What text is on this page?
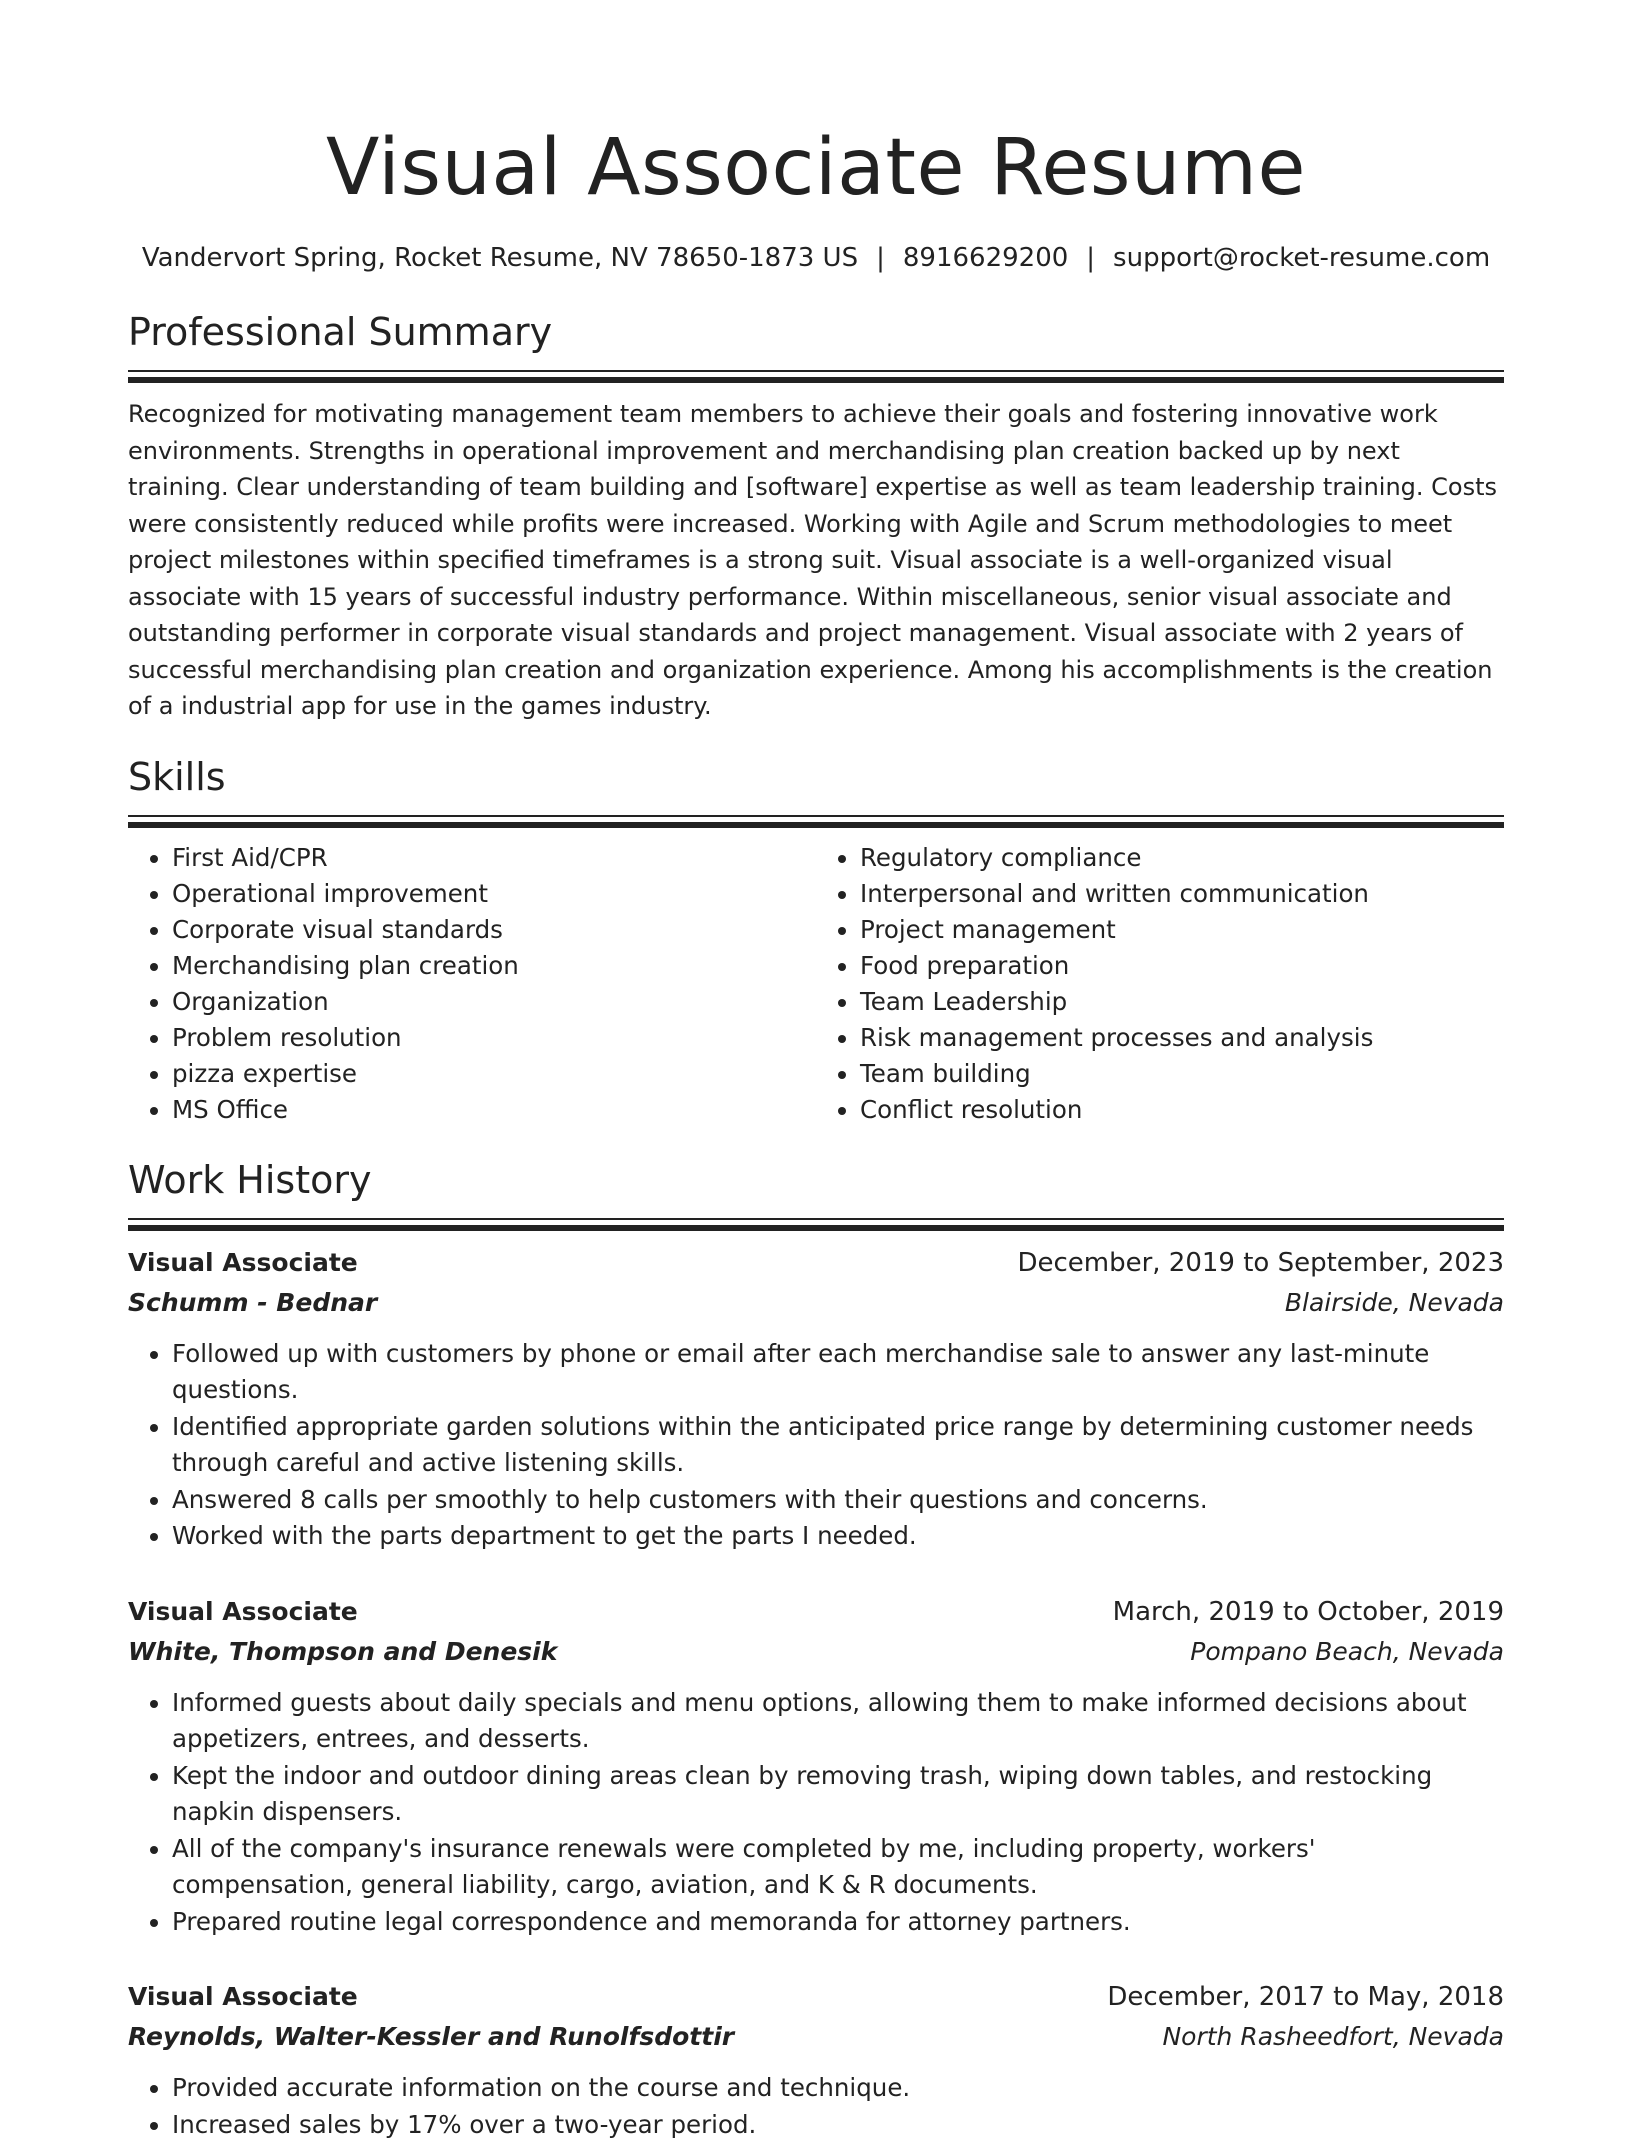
Visual Associate Resume
Vandervort Spring, Rocket Resume, NV 78650-1873 US | 8916629200 | support@rocket-resume.com
Professional Summary

Recognized for motivating management team members to achieve their goals and fostering innovative work environments. Strengths in operational improvement and merchandising plan creation backed up by next training. Clear understanding of team building and [software] expertise as well as team leadership training. Costs were consistently reduced while profits were increased. Working with Agile and Scrum methodologies to meet project milestones within specified timeframes is a strong suit. Visual associate is a well-organized visual associate with 15 years of successful industry performance. Within miscellaneous, senior visual associate and outstanding performer in corporate visual standards and project management. Visual associate with 2 years of successful merchandising plan creation and organization experience. Among his accomplishments is the creation of a industrial app for use in the games industry.

Skills
• First Aid/CPR
• Operational improvement
• Corporate visual standards
• Merchandising plan creation
• Organization
• Problem resolution
• pizza expertise
• MS Office
• Regulatory compliance
• Interpersonal and written communication
• Project management
• Food preparation
• Team Leadership
• Risk management processes and analysis
• Team building
• Conflict resolution
Work History
Visual Associate	December, 2019 to September, 2023
Schumm - Bednar	Blairside, Nevada
• Followed up with customers by phone or email after each merchandise sale to answer any last-minute questions.
• Identified appropriate garden solutions within the anticipated price range by determining customer needs through careful and active listening skills.
• Answered 8 calls per smoothly to help customers with their questions and concerns.
• Worked with the parts department to get the parts I needed.
Visual Associate	March, 2019 to October, 2019
White, Thompson and Denesik	Pompano Beach, Nevada
• Informed guests about daily specials and menu options, allowing them to make informed decisions about appetizers, entrees, and desserts.
• Kept the indoor and outdoor dining areas clean by removing trash, wiping down tables, and restocking napkin dispensers.
• All of the company's insurance renewals were completed by me, including property, workers' compensation, general liability, cargo, aviation, and K & R documents.
• Prepared routine legal correspondence and memoranda for attorney partners.
Visual Associate	December, 2017 to May, 2018
Reynolds, Walter-Kessler and Runolfsdottir	North Rasheedfort, Nevada
• Provided accurate information on the course and technique.
• Increased sales by 17% over a two-year period.
